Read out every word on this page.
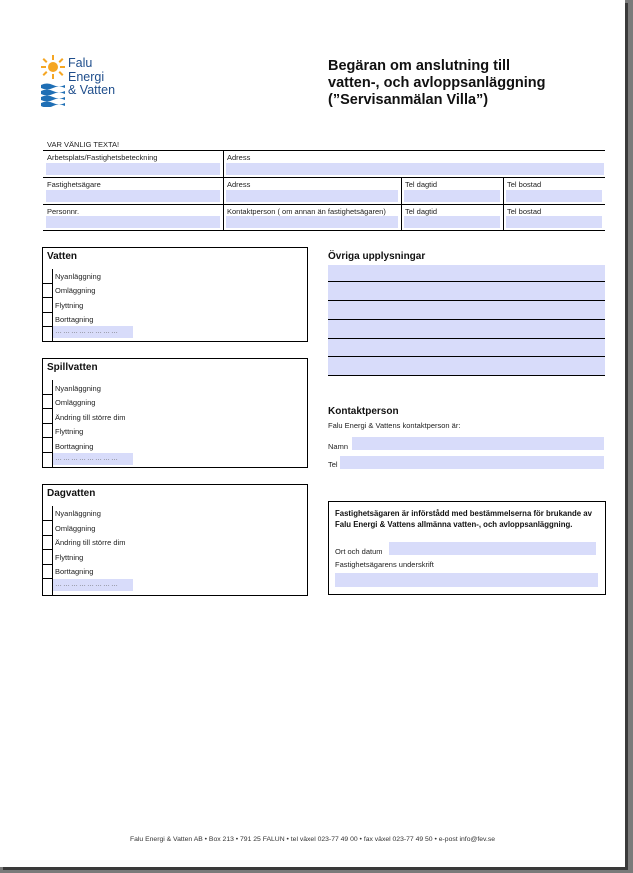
Falu
Energi
& Vatten
Begäran om anslutning till
vatten-, och avloppsanläggning
(”Servisanmälan Villa”)
VAR VÄNLIG TEXTA!
Arbetsplats/Fastighetsbeteckning	Adress
Fastighetsägare	Adress	Tel dagtid	Tel bostad
Personnr.	Kontaktperson ( om annan än fastighetsägaren)	Tel dagtid	Tel bostad
Vatten
Nyanläggning
Omläggning
Flyttning
Borttagning
……………………
Spillvatten
Nyanläggning
Omläggning
Ändring till större dim
Flyttning
Borttagning
……………………
Dagvatten
Nyanläggning
Omläggning
Ändring till större dim
Flyttning
Borttagning
……………………
Övriga upplysningar
Kontaktperson
Falu Energi & Vattens kontaktperson är:
Namn
Tel
Fastighetsägaren är införstådd med bestämmelserna för brukande av Falu Energi & Vattens allmänna vatten-, och avloppsanläggning.
Ort och datum
Fastighetsägarens underskrift
Falu Energi & Vatten AB • Box 213 • 791 25 FALUN • tel växel 023-77 49 00 • fax växel 023-77 49 50 • e-post info@fev.se
